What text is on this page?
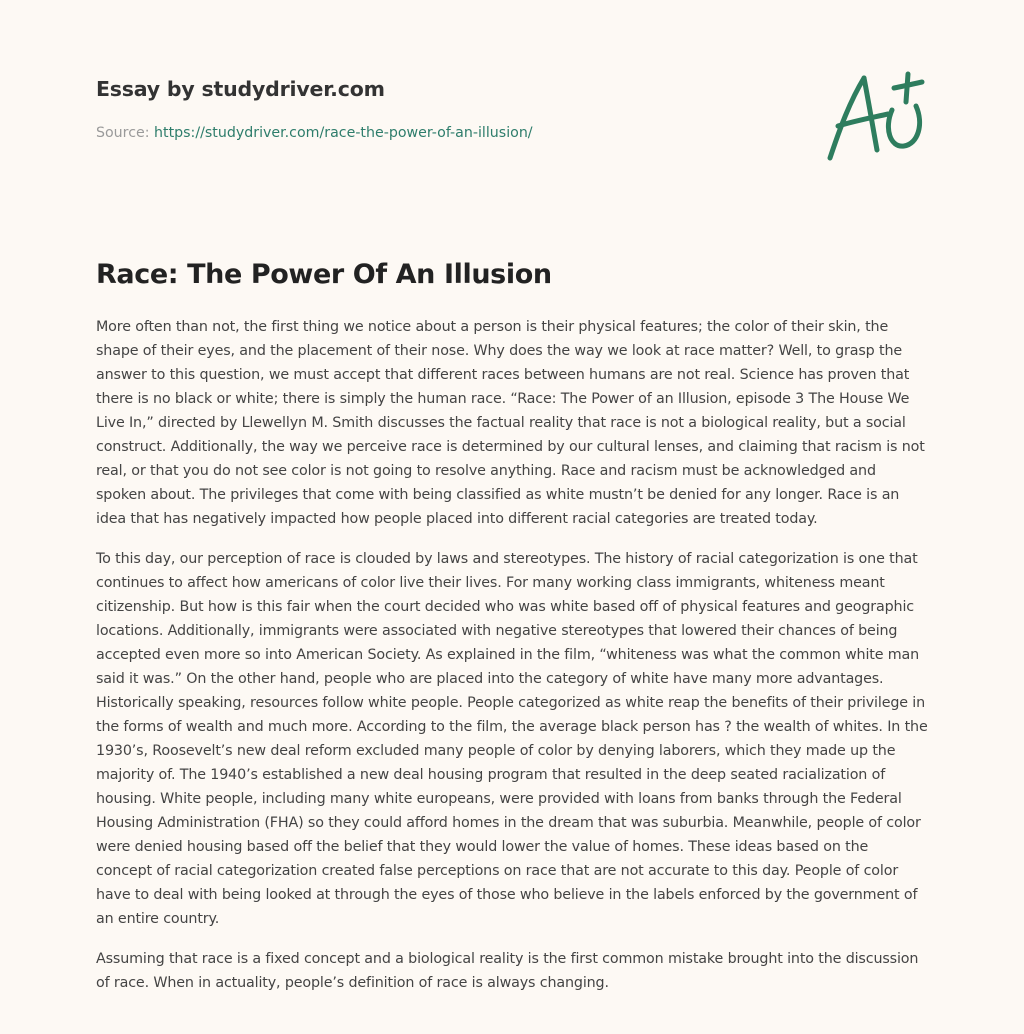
Essay by studydriver.com
Source: https://studydriver.com/race-the-power-of-an-illusion/
Race: The Power Of An Illusion

More often than not, the first thing we notice about a person is their physical features; the color of their skin, the shape of their eyes, and the placement of their nose. Why does the way we look at race matter? Well, to grasp the answer to this question, we must accept that different races between humans are not real. Science has proven that there is no black or white; there is simply the human race. “Race: The Power of an Illusion, episode 3 The House We Live In,” directed by Llewellyn M. Smith discusses the factual reality that race is not a biological reality, but a social construct. Additionally, the way we perceive race is determined by our cultural lenses, and claiming that racism is not real, or that you do not see color is not going to resolve anything. Race and racism must be acknowledged and spoken about. The privileges that come with being classified as white mustn’t be denied for any longer. Race is an idea that has negatively impacted how people placed into different racial categories are treated today.

To this day, our perception of race is clouded by laws and stereotypes. The history of racial categorization is one that continues to affect how americans of color live their lives. For many working class immigrants, whiteness meant citizenship. But how is this fair when the court decided who was white based off of physical features and geographic locations. Additionally, immigrants were associated with negative stereotypes that lowered their chances of being accepted even more so into American Society. As explained in the film, “whiteness was what the common white man said it was.” On the other hand, people who are placed into the category of white have many more advantages. Historically speaking, resources follow white people. People categorized as white reap the benefits of their privilege in the forms of wealth and much more. According to the film, the average black person has ? the wealth of whites. In the 1930’s, Roosevelt’s new deal reform excluded many people of color by denying laborers, which they made up the majority of. The 1940’s established a new deal housing program that resulted in the deep seated racialization of housing. White people, including many white europeans, were provided with loans from banks through the Federal Housing Administration (FHA) so they could afford homes in the dream that was suburbia. Meanwhile, people of color were denied housing based off the belief that they would lower the value of homes. These ideas based on the concept of racial categorization created false perceptions on race that are not accurate to this day. People of color have to deal with being looked at through the eyes of those who believe in the labels enforced by the government of an entire country.

Assuming that race is a fixed concept and a biological reality is the first common mistake brought into the discussion of race. When in actuality, people’s definition of race is always changing.
